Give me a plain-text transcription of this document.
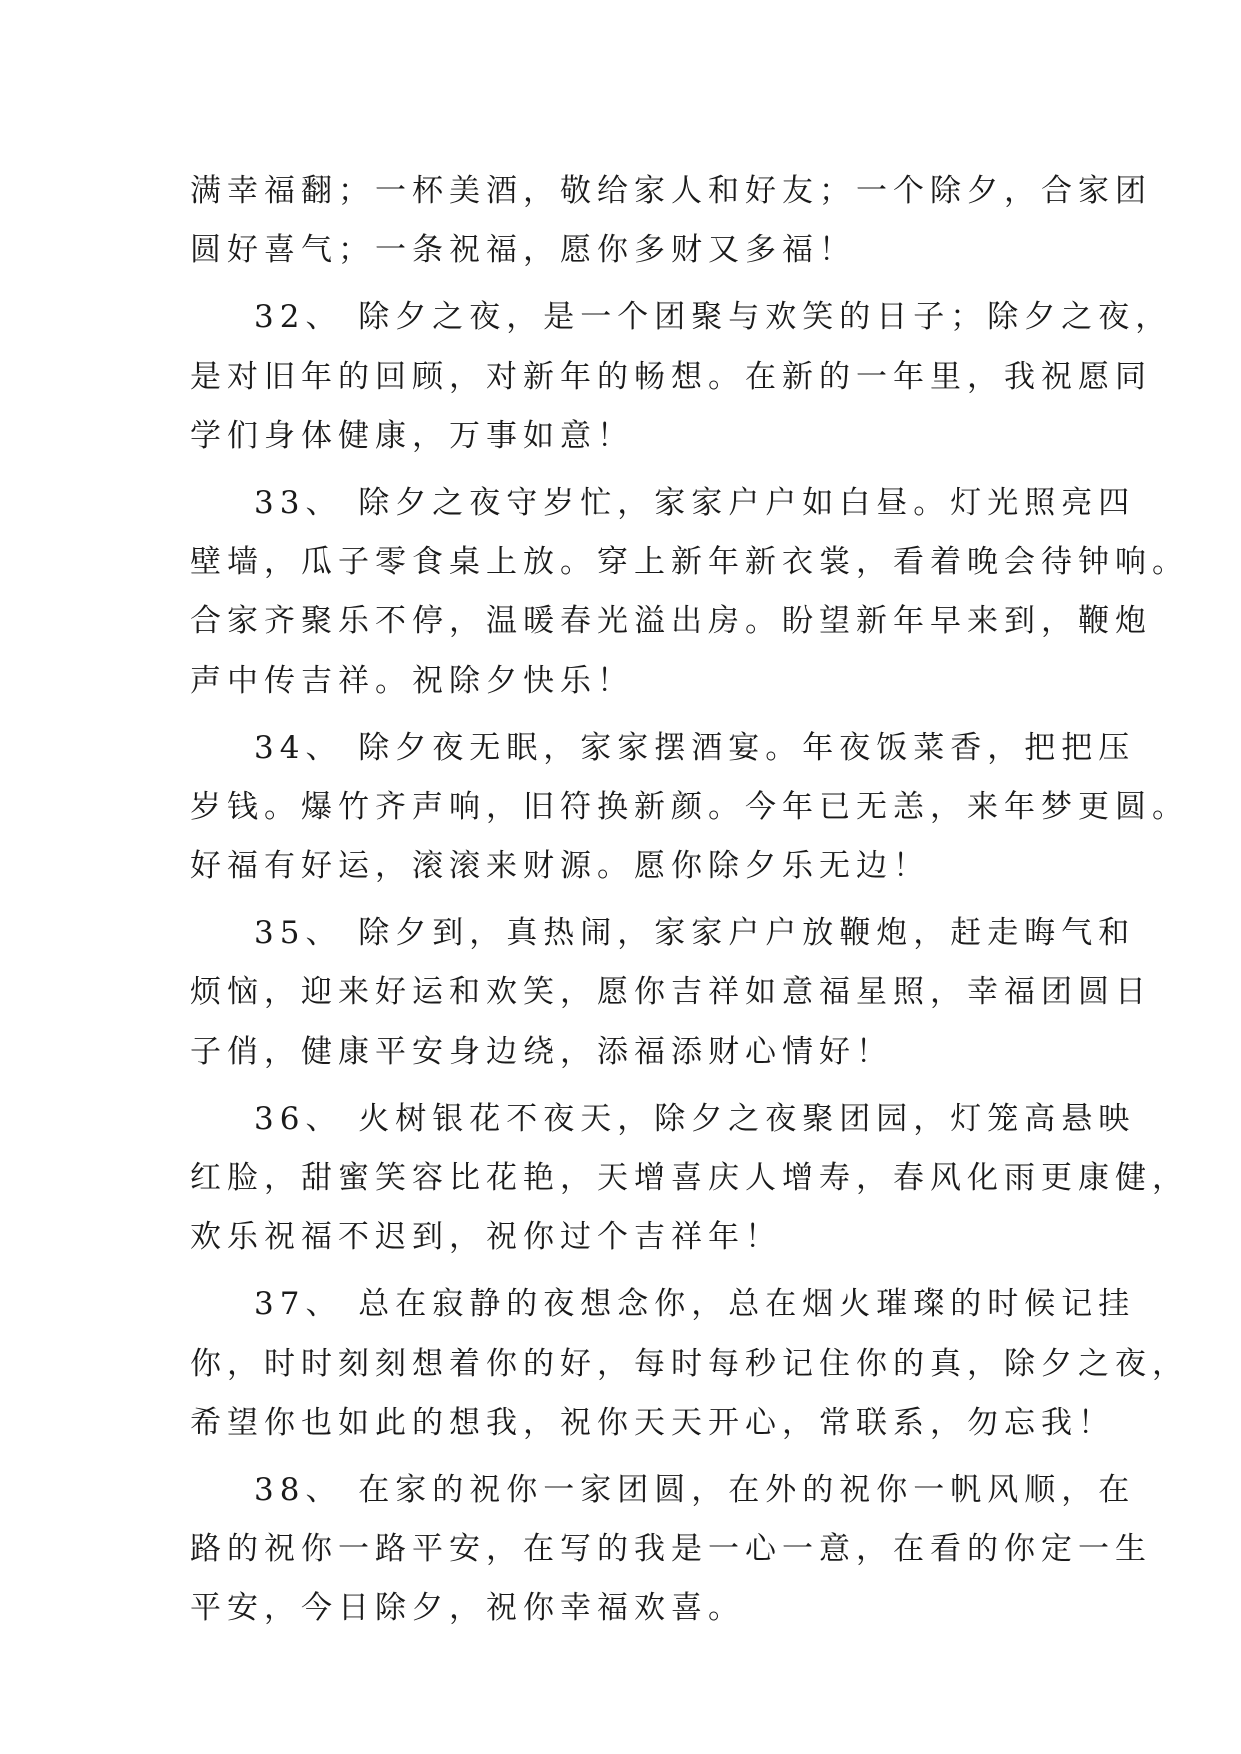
满幸福翻；一杯美酒，敬给家人和好友；一个除夕，合家团
圆好喜气；一条祝福，愿你多财又多福！
32、 除夕之夜，是一个团聚与欢笑的日子；除夕之夜，
是对旧年的回顾，对新年的畅想。在新的一年里，我祝愿同
学们身体健康，万事如意！
33、 除夕之夜守岁忙，家家户户如白昼。灯光照亮四
壁墙，瓜子零食桌上放。穿上新年新衣裳，看着晚会待钟响。
合家齐聚乐不停，温暖春光溢出房。盼望新年早来到，鞭炮
声中传吉祥。祝除夕快乐！
34、 除夕夜无眠，家家摆酒宴。年夜饭菜香，把把压
岁钱。爆竹齐声响，旧符换新颜。今年已无恙，来年梦更圆。
好福有好运，滚滚来财源。愿你除夕乐无边！
35、 除夕到，真热闹，家家户户放鞭炮，赶走晦气和
烦恼，迎来好运和欢笑，愿你吉祥如意福星照，幸福团圆日
子俏，健康平安身边绕，添福添财心情好！
36、 火树银花不夜天，除夕之夜聚团园，灯笼高悬映
红脸，甜蜜笑容比花艳，天增喜庆人增寿，春风化雨更康健，
欢乐祝福不迟到，祝你过个吉祥年！
37、 总在寂静的夜想念你，总在烟火璀璨的时候记挂
你，时时刻刻想着你的好，每时每秒记住你的真，除夕之夜，
希望你也如此的想我，祝你天天开心，常联系，勿忘我！
38、 在家的祝你一家团圆，在外的祝你一帆风顺，在
路的祝你一路平安，在写的我是一心一意，在看的你定一生
平安，今日除夕，祝你幸福欢喜。
